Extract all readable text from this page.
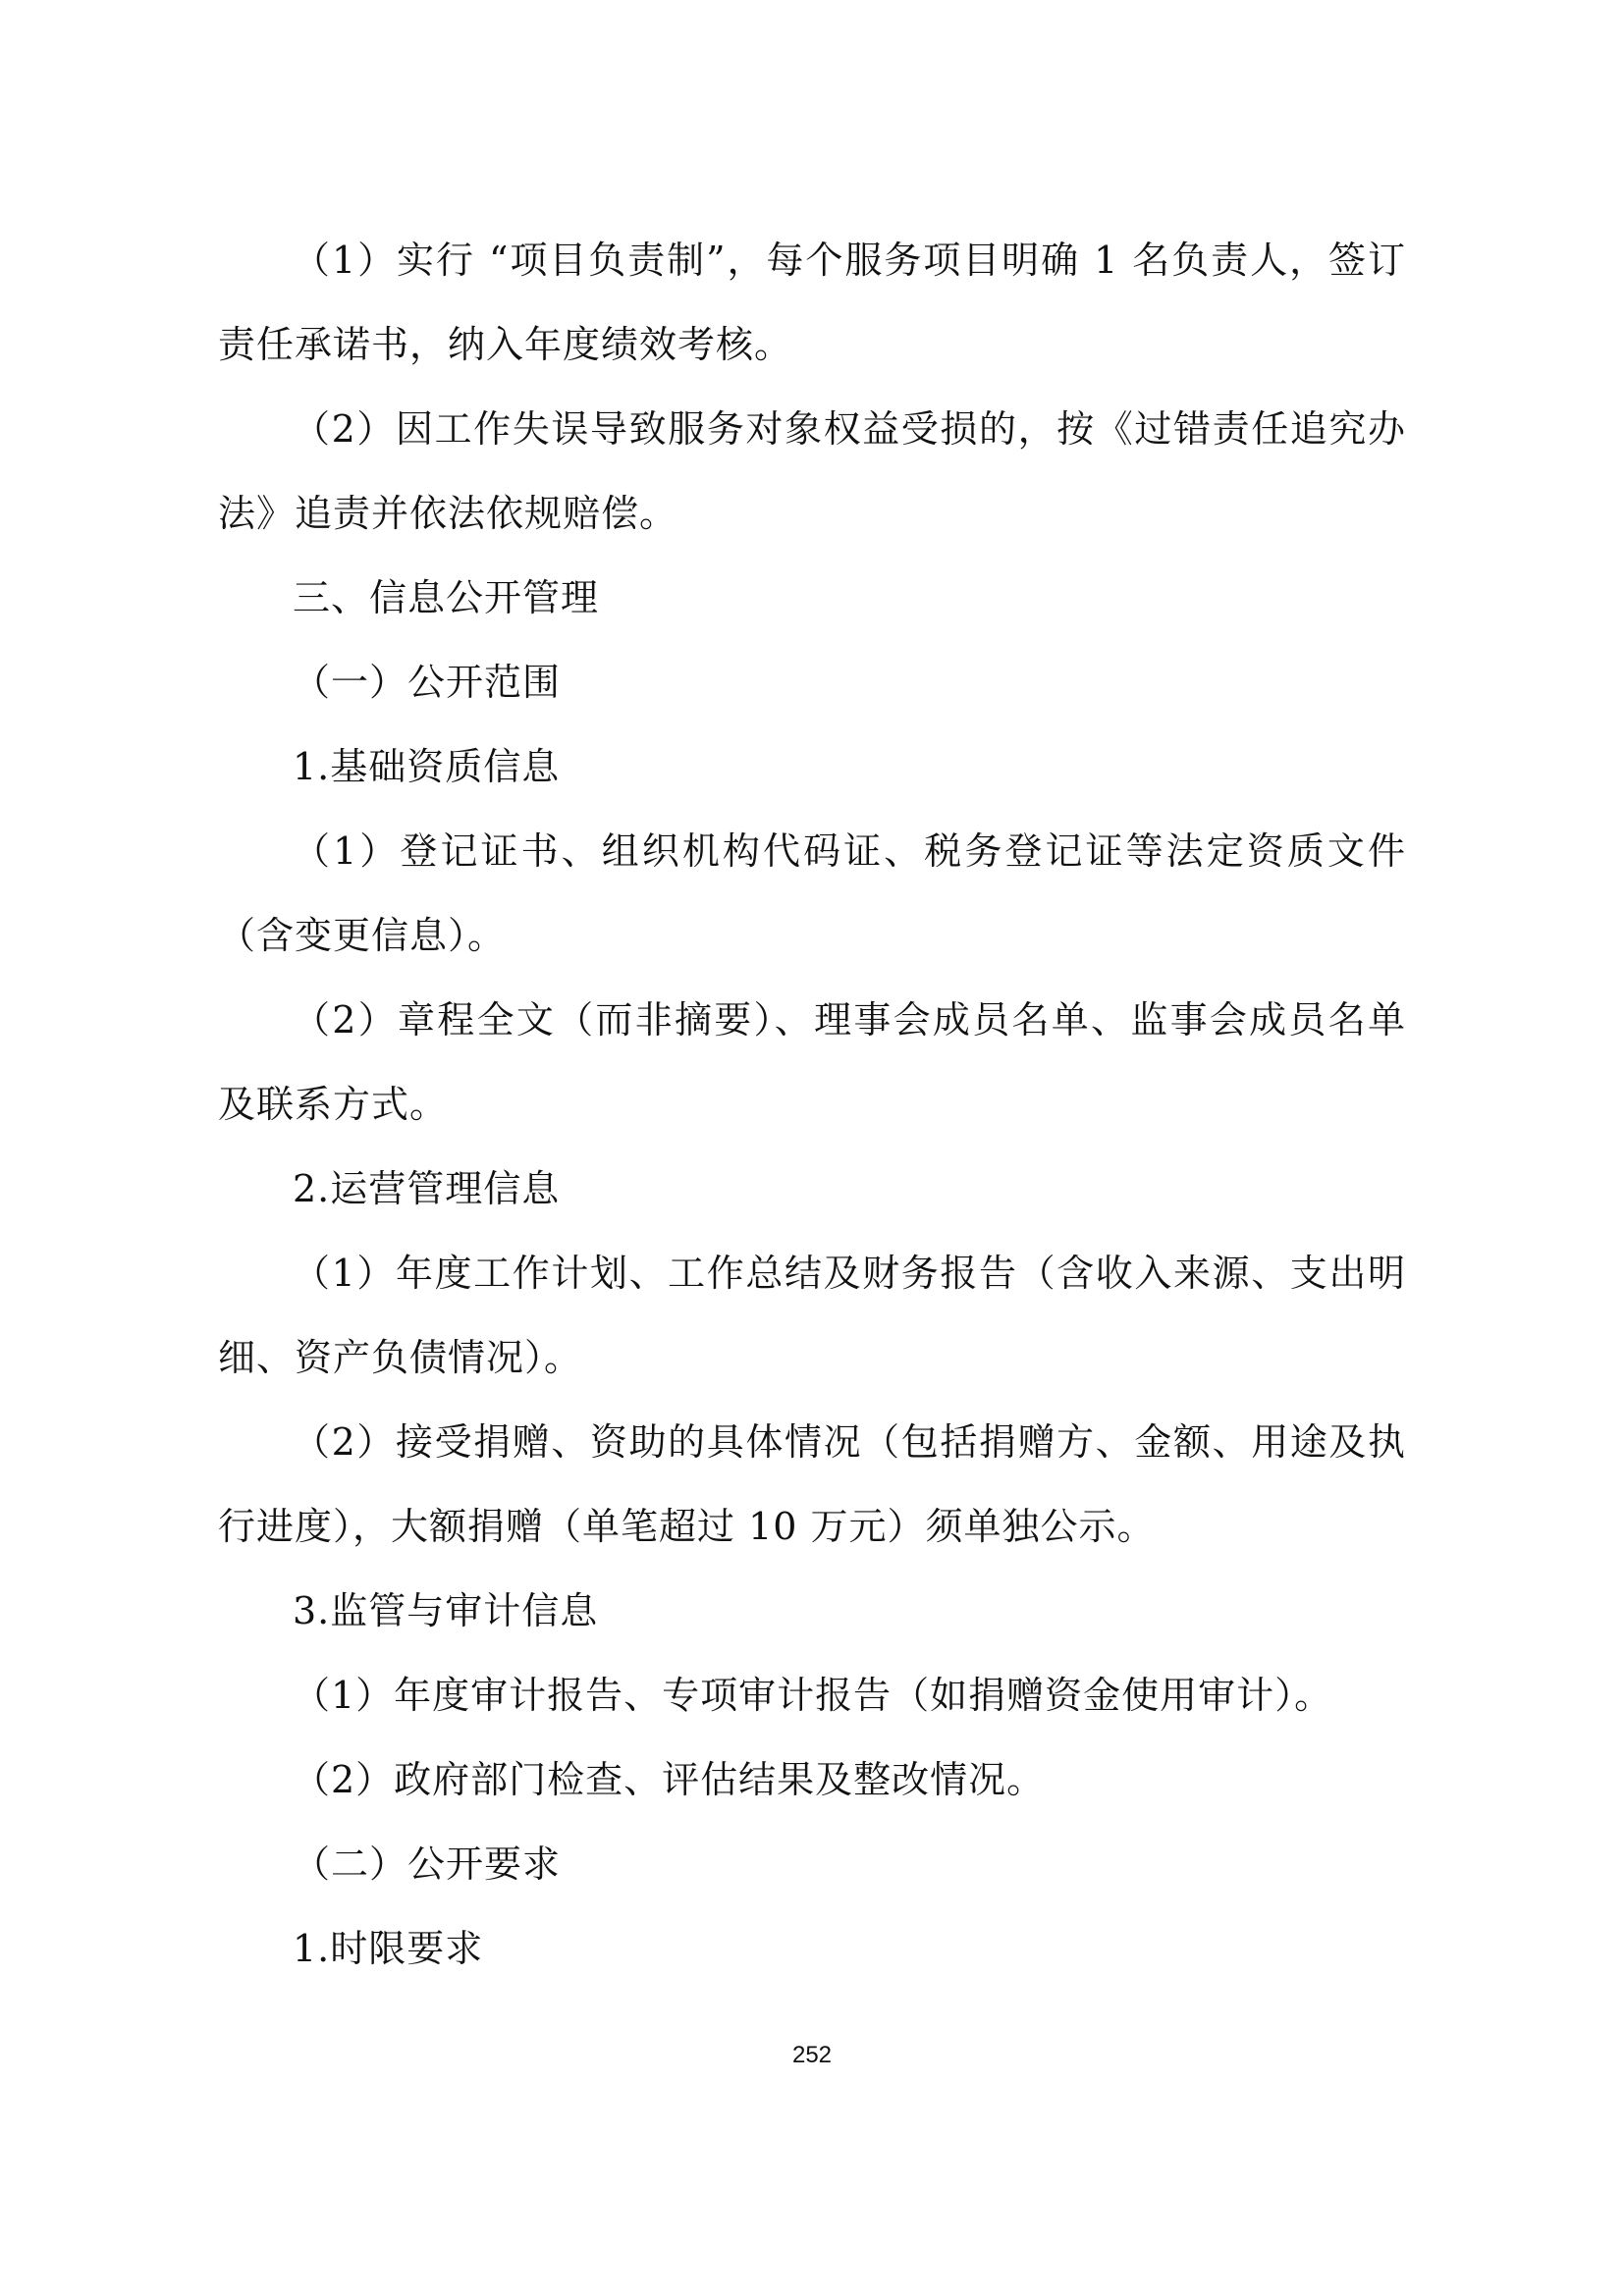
（1）实行 “项目负责制”，每个服务项目明确 1 名负责人，签订责任承诺书，纳入年度绩效考核。

（2）因工作失误导致服务对象权益受损的，按《过错责任追究办法》追责并依法依规赔偿。

三、信息公开管理

（一）公开范围

1.基础资质信息

（1）登记证书、组织机构代码证、税务登记证等法定资质文件（含变更信息）。

（2）章程全文（而非摘要）、理事会成员名单、监事会成员名单及联系方式。

2.运营管理信息

（1）年度工作计划、工作总结及财务报告（含收入来源、支出明细、资产负债情况）。

（2）接受捐赠、资助的具体情况（包括捐赠方、金额、用途及执行进度），大额捐赠（单笔超过 10 万元）须单独公示。

3.监管与审计信息

（1）年度审计报告、专项审计报告（如捐赠资金使用审计）。

（2）政府部门检查、评估结果及整改情况。

（二）公开要求

1.时限要求

252
